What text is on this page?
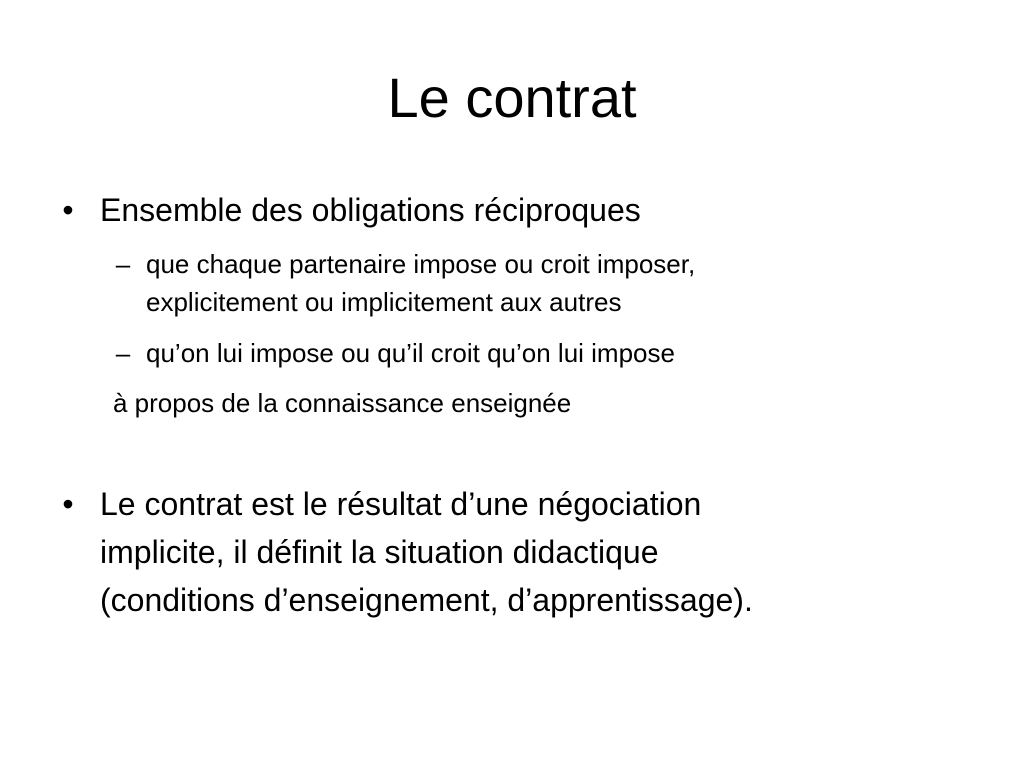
Le contrat
• Ensemble des obligations réciproques
– que chaque partenaire impose ou croit imposer,
explicitement ou implicitement aux autres
– qu’on lui impose ou qu’il croit qu’on lui impose
à propos de la connaissance enseignée
• Le contrat est le résultat d’une négociation
implicite, il définit la situation didactique
(conditions d’enseignement, d’apprentissage).
